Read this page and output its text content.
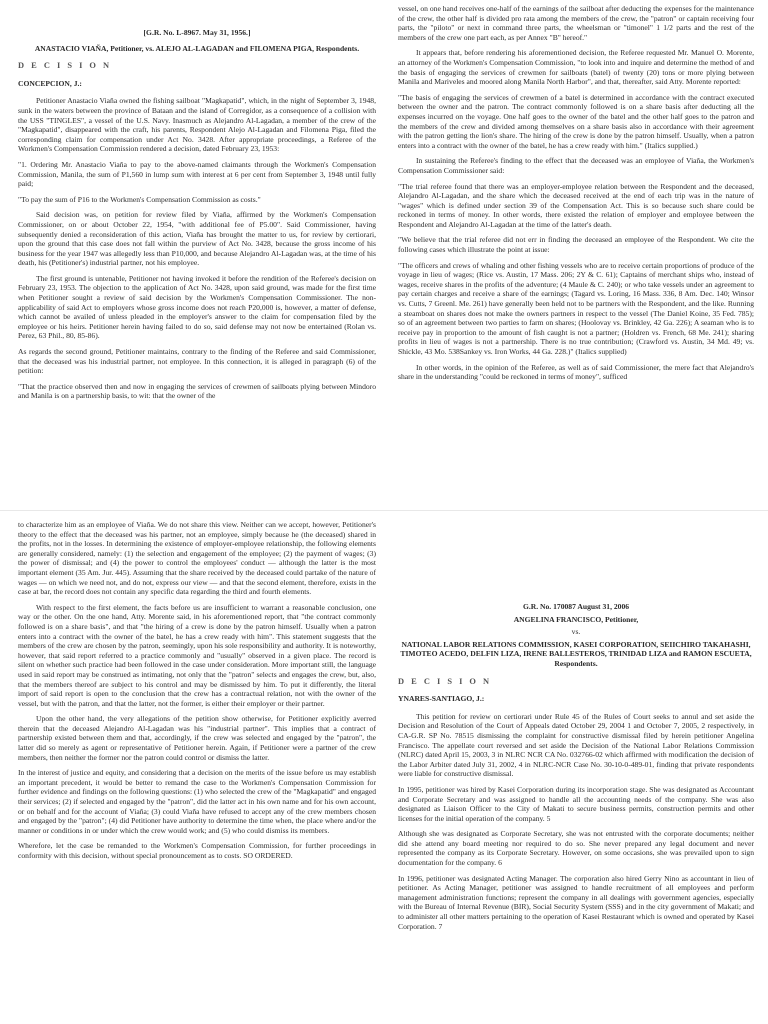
[G.R. No. L-8967. May 31, 1956.]

ANASTACIO VIAÑA, Petitioner, vs. ALEJO AL-LAGADAN and FILOMENA PIGA, Respondents.

D E C I S I O N

CONCEPCION, J.:

Petitioner Anastacio Viaña owned the fishing sailboat "Magkapatid", which, in the night of September 3, 1948, sunk in the waters between the province of Bataan and the island of Corregidor, as a consequence of a collision with the USS "TINGLES", a vessel of the U.S. Navy. Inasmuch as Alejandro Al-Lagadan, a member of the crew of the "Magkapatid", disappeared with the craft, his parents, Respondent Alejo Al-Lagadan and Filomena Piga, filed the corresponding claim for compensation under Act No. 3428. After appropriate proceedings, a Referee of the Workmen's Compensation Commission rendered a decision, dated February 23, 1953:

"1. Ordering Mr. Anastacio Viaña to pay to the above-named claimants through the Workmen's Compensation Commission, Manila, the sum of P1,560 in lump sum with interest at 6 per cent from September 3, 1948 until fully paid;

"To pay the sum of P16 to the Workmen's Compensation Commission as costs."

Said decision was, on petition for review filed by Viaña, affirmed by the Workmen's Compensation Commissioner, on or about October 22, 1954, "with additional fee of P5.00". Said Commissioner, having subsequently denied a reconsideration of this action, Viaña has brought the matter to us, for review by certiorari, upon the ground that this case does not fall within the purview of Act No. 3428, because the gross income of his business for the year 1947 was allegedly less than P10,000, and because Alejandro Al-Lagadan was, at the time of his death, his (Petitioner's) industrial partner, not his employee.

The first ground is untenable, Petitioner not having invoked it before the rendition of the Referee's decision on February 23, 1953. The objection to the application of Act No. 3428, upon said ground, was made for the first time when Petitioner sought a review of said decision by the Workmen's Compensation Commissioner. The non-applicability of said Act to employers whose gross income does not reach P20,000 is, however, a matter of defense, which cannot be availed of unless pleaded in the employer's answer to the claim for compensation filed by the employee or his heirs. Petitioner herein having failed to do so, said defense may not now be entertained (Rolan vs. Perez, 63 Phil., 80, 85-86).

As regards the second ground, Petitioner maintains, contrary to the finding of the Referee and said Commissioner, that the deceased was his industrial partner, not employee. In this connection, it is alleged in paragraph (6) of the petition:

"That the practice observed then and now in engaging the services of crewmen of sailboats plying between Mindoro and Manila is on a partnership basis, to wit: that the owner of the

vessel, on one hand receives one-half of the earnings of the sailboat after deducting the expenses for the maintenance of the crew, the other half is divided pro rata among the members of the crew, the "patron" or captain receiving four parts, the "piloto" or next in command three parts, the wheelsman or "timonel" 1 1/2 parts and the rest of the members of the crew one part each, as per Annex "B" hereof."

It appears that, before rendering his aforementioned decision, the Referee requested Mr. Manuel O. Morente, an attorney of the Workmen's Compensation Commission, "to look into and inquire and determine the method of and the basis of engaging the services of crewmen for sailboats (batel) of twenty (20) tons or more plying between Manila and Mariveles and moored along Manila North Harbor", and that, thereafter, said Atty. Morente reported:

"The basis of engaging the services of crewmen of a batel is determined in accordance with the contract executed between the owner and the patron. The contract commonly followed is on a share basis after deducting all the expenses incurred on the voyage. One half goes to the owner of the batel and the other half goes to the patron and the members of the crew and divided among themselves on a share basis also in accordance with their agreement with the patron getting the lion's share. The hiring of the crew is done by the patron himself. Usually, when a patron enters into a contract with the owner of the batel, he has a crew ready with him." (Italics supplied.)

In sustaining the Referee's finding to the effect that the deceased was an employee of Viaña, the Workmen's Compensation Commissioner said:

"The trial referee found that there was an employer-employee relation between the Respondent and the deceased, Alejandro Al-Lagadan, and the share which the deceased received at the end of each trip was in the nature of "wages" which is defined under section 39 of the Compensation Act. This is so because such share could be reckoned in terms of money. In other words, there existed the relation of employer and employee between the Respondent and Alejandro Al-Lagadan at the time of the latter's death.

"We believe that the trial referee did not err in finding the deceased an employee of the Respondent. We cite the following cases which illustrate the point at issue:

"The officers and crews of whaling and other fishing vessels who are to receive certain proportions of produce of the voyage in lieu of wages; (Rice vs. Austin, 17 Mass. 206; 2Y & C. 61); Captains of merchant ships who, instead of wages, receive shares in the profits of the adventure; (4 Maule & C. 240); or who take vessels under an agreement to pay certain charges and receive a share of the earnings; (Tagard vs. Loring, 16 Mass. 336, 8 Am. Dec. 140; Winsor vs. Cutts, 7 Greenl. Me. 261) have generally been held not to be partners with the Respondent, and the like. Running a steamboat on shares does not make the owners partners in respect to the vessel (The Daniel Koine, 35 Fed. 785); so of an agreement between two parties to farm on shares; (Hoolovay vs. Brinkley, 42 Ga. 226); A seaman who is to receive pay in proportion to the amount of fish caught is not a partner; (Holdren vs. French, 68 Me. 241); sharing profits in lieu of wages is not a partnership. There is no true contribution; (Crawford vs. Austin, 34 Md. 49; vs. Shickle, 43 Mo. 538Sankey vs. Iron Works, 44 Ga. 228.)" (Italics supplied)

In other words, in the opinion of the Referee, as well as of said Commissioner, the mere fact that Alejandro's share in the understanding "could be reckoned in terms of money", sufficed

to characterize him as an employee of Viaña. We do not share this view. Neither can we accept, however, Petitioner's theory to the effect that the deceased was his partner, not an employee, simply because he (the deceased) shared in the profits, not in the losses. In determining the existence of employer-employee relationship, the following elements are generally considered, namely: (1) the selection and engagement of the employee; (2) the payment of wages; (3) the power of dismissal; and (4) the power to control the employees' conduct — although the latter is the most important element (35 Am. Jur. 445). Assuming that the share received by the deceased could partake of the nature of wages — on which we need not, and do not, express our view — and that the second element, therefore, exists in the case at bar, the record does not contain any specific data regarding the third and fourth elements.

With respect to the first element, the facts before us are insufficient to warrant a reasonable conclusion, one way or the other. On the one hand, Atty. Morente said, in his aforementioned report, that "the contract commonly followed is on a share basis", and that "the hiring of a crew is done by the patron himself. Usually when a patron enters into a contract with the owner of the batel, he has a crew ready with him". This statement suggests that the members of the crew are chosen by the patron, seemingly, upon his sole responsibility and authority. It is noteworthy, however, that said report referred to a practice commonly and "usually" observed in a given place. The record is silent on whether such practice had been followed in the case under consideration. More important still, the language used in said report may be construed as intimating, not only that the "patron" selects and engages the crew, but, also, that the members thereof are subject to his control and may be dismissed by him. To put it differently, the literal import of said report is open to the conclusion that the crew has a contractual relation, not with the owner of the vessel, but with the patron, and that the latter, not the former, is either their employer or their partner.

Upon the other hand, the very allegations of the petition show otherwise, for Petitioner explicitly averred therein that the deceased Alejandro Al-Lagadan was his "industrial partner". This implies that a contract of partnership existed between them and that, accordingly, if the crew was selected and engaged by the "patron", the latter did so merely as agent or representative of Petitioner herein. Again, if Petitioner were a partner of the crew members, then neither the former nor the patron could control or dismiss the latter.

In the interest of justice and equity, and considering that a decision on the merits of the issue before us may establish an important precedent, it would be better to remand the case to the Workmen's Compensation Commission for further evidence and findings on the following questions: (1) who selected the crew of the "Magkapatid" and engaged their services; (2) if selected and engaged by the "patron", did the latter act in his own name and for his own account, or on behalf and for the account of Viaña; (3) could Viaña have refused to accept any of the crew members chosen and engaged by the "patron"; (4) did Petitioner have authority to determine the time when, the place where and/or the manner or conditions in or under which the crew would work; and (5) who could dismiss its members.

Wherefore, let the case be remanded to the Workmen's Compensation Commission, for further proceedings in conformity with this decision, without special pronouncement as to costs. SO ORDERED.

G.R. No. 170087 August 31, 2006

ANGELINA FRANCISCO, Petitioner,

vs.

NATIONAL LABOR RELATIONS COMMISSION, KASEI CORPORATION, SEIICHIRO TAKAHASHI, TIMOTEO ACEDO, DELFIN LIZA, IRENE BALLESTEROS, TRINIDAD LIZA and RAMON ESCUETA, Respondents.

D E C I S I O N

YNARES-SANTIAGO, J.:

This petition for review on certiorari under Rule 45 of the Rules of Court seeks to annul and set aside the Decision and Resolution of the Court of Appeals dated October 29, 2004 1 and October 7, 2005, 2 respectively, in CA-G.R. SP No. 78515 dismissing the complaint for constructive dismissal filed by herein petitioner Angelina Francisco. The appellate court reversed and set aside the Decision of the National Labor Relations Commission (NLRC) dated April 15, 2003, 3 in NLRC NCR CA No. 032766-02 which affirmed with modification the decision of the Labor Arbiter dated July 31, 2002, 4 in NLRC-NCR Case No. 30-10-0-489-01, finding that private respondents were liable for constructive dismissal.

In 1995, petitioner was hired by Kasei Corporation during its incorporation stage. She was designated as Accountant and Corporate Secretary and was assigned to handle all the accounting needs of the company. She was also designated as Liaison Officer to the City of Makati to secure business permits, construction permits and other licenses for the initial operation of the company. 5

Although she was designated as Corporate Secretary, she was not entrusted with the corporate documents; neither did she attend any board meeting nor required to do so. She never prepared any legal document and never represented the company as its Corporate Secretary. However, on some occasions, she was prevailed upon to sign documentation for the company. 6

In 1996, petitioner was designated Acting Manager. The corporation also hired Gerry Nino as accountant in lieu of petitioner. As Acting Manager, petitioner was assigned to handle recruitment of all employees and perform management administration functions; represent the company in all dealings with government agencies, especially with the Bureau of Internal Revenue (BIR), Social Security System (SSS) and in the city government of Makati; and to administer all other matters pertaining to the operation of Kasei Restaurant which is owned and operated by Kasei Corporation. 7
